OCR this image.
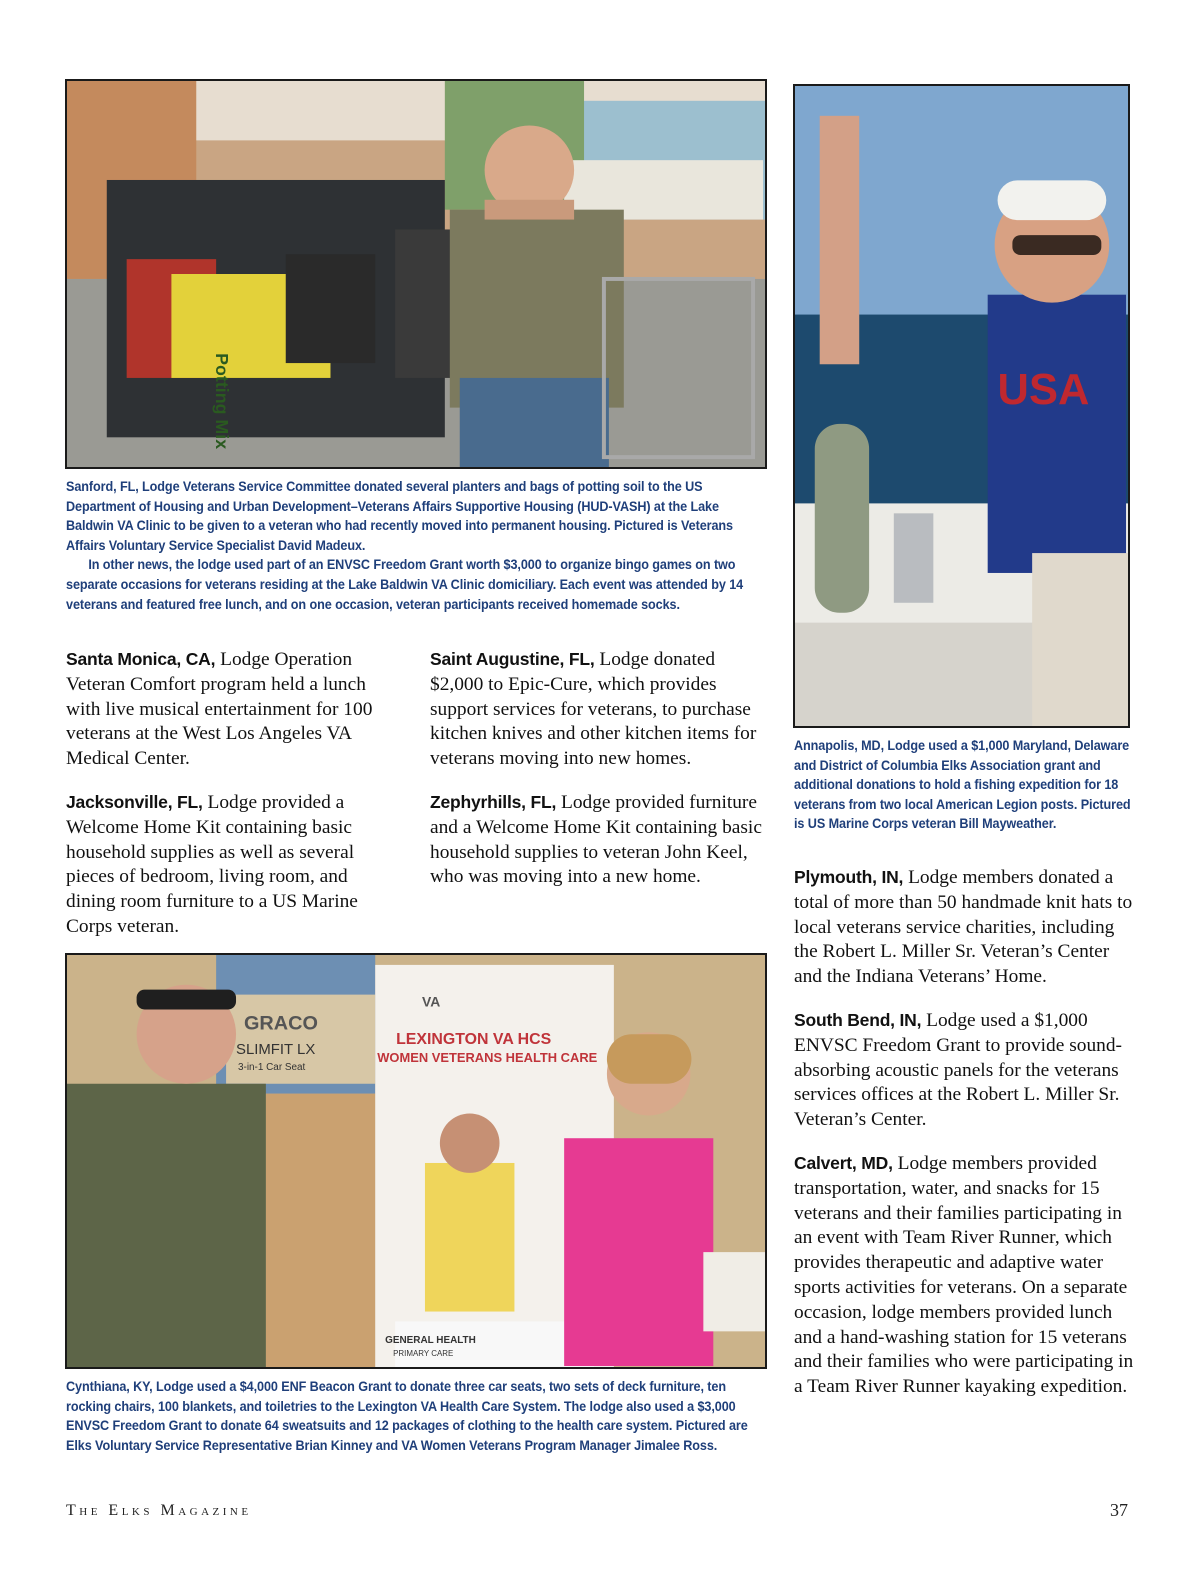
Potting Mix

Sanford, FL, Lodge Veterans Service Committee donated several planters and bags of potting soil to the US Department of Housing and Urban Development–Veterans Affairs Supportive Housing (HUD-VASH) at the Lake Baldwin VA Clinic to be given to a veteran who had recently moved into permanent housing. Pictured is Veterans Affairs Voluntary Service Specialist David Madeux.

In other news, the lodge used part of an ENVSC Freedom Grant worth $3,000 to organize bingo games on two separate occasions for veterans residing at the Lake Baldwin VA Clinic domiciliary. Each event was attended by 14 veterans and featured free lunch, and on one occasion, veteran participants received homemade socks.

USA

Annapolis, MD, Lodge used a $1,000 Maryland, Delaware and District of Columbia Elks Association grant and additional donations to hold a fishing expedition for 18 veterans from two local American Legion posts. Pictured is US Marine Corps veteran Bill Mayweather.

Santa Monica, CA, Lodge Operation Veteran Comfort program held a lunch with live musical entertainment for 100 veterans at the West Los Angeles VA Medical Center.

Jacksonville, FL, Lodge provided a Welcome Home Kit containing basic household supplies as well as several pieces of bedroom, living room, and dining room furniture to a US Marine Corps veteran.

Saint Augustine, FL, Lodge donated $2,000 to Epic-Cure, which provides support services for veterans, to purchase kitchen knives and other kitchen items for veterans moving into new homes.

Zephyrhills, FL, Lodge provided furniture and a Welcome Home Kit containing basic household supplies to veteran John Keel, who was moving into a new home.

GRACO
SLIMFIT LX
3-in-1 Car Seat
VA
LEXINGTON VA HCS
WOMEN VETERANS HEALTH CARE
GENERAL HEALTH
PRIMARY CARE

Cynthiana, KY, Lodge used a $4,000 ENF Beacon Grant to donate three car seats, two sets of deck furniture, ten rocking chairs, 100 blankets, and toiletries to the Lexington VA Health Care System. The lodge also used a $3,000 ENVSC Freedom Grant to donate 64 sweatsuits and 12 packages of clothing to the health care system. Pictured are Elks Voluntary Service Representative Brian Kinney and VA Women Veterans Program Manager Jimalee Ross.

Plymouth, IN, Lodge members donated a total of more than 50 handmade knit hats to local veterans service charities, including the Robert L. Miller Sr. Veteran’s Center and the Indiana Veterans’ Home.

South Bend, IN, Lodge used a $1,000 ENVSC Freedom Grant to provide sound-absorbing acoustic panels for the veterans services offices at the Robert L. Miller Sr. Veteran’s Center.

Calvert, MD, Lodge members provided transportation, water, and snacks for 15 veterans and their families participating in an event with Team River Runner, which provides therapeutic and adaptive water sports activities for veterans. On a separate occasion, lodge members provided lunch and a hand-washing station for 15 veterans and their families who were participating in a Team River Runner kayaking expedition.

The Elks Magazine	37
